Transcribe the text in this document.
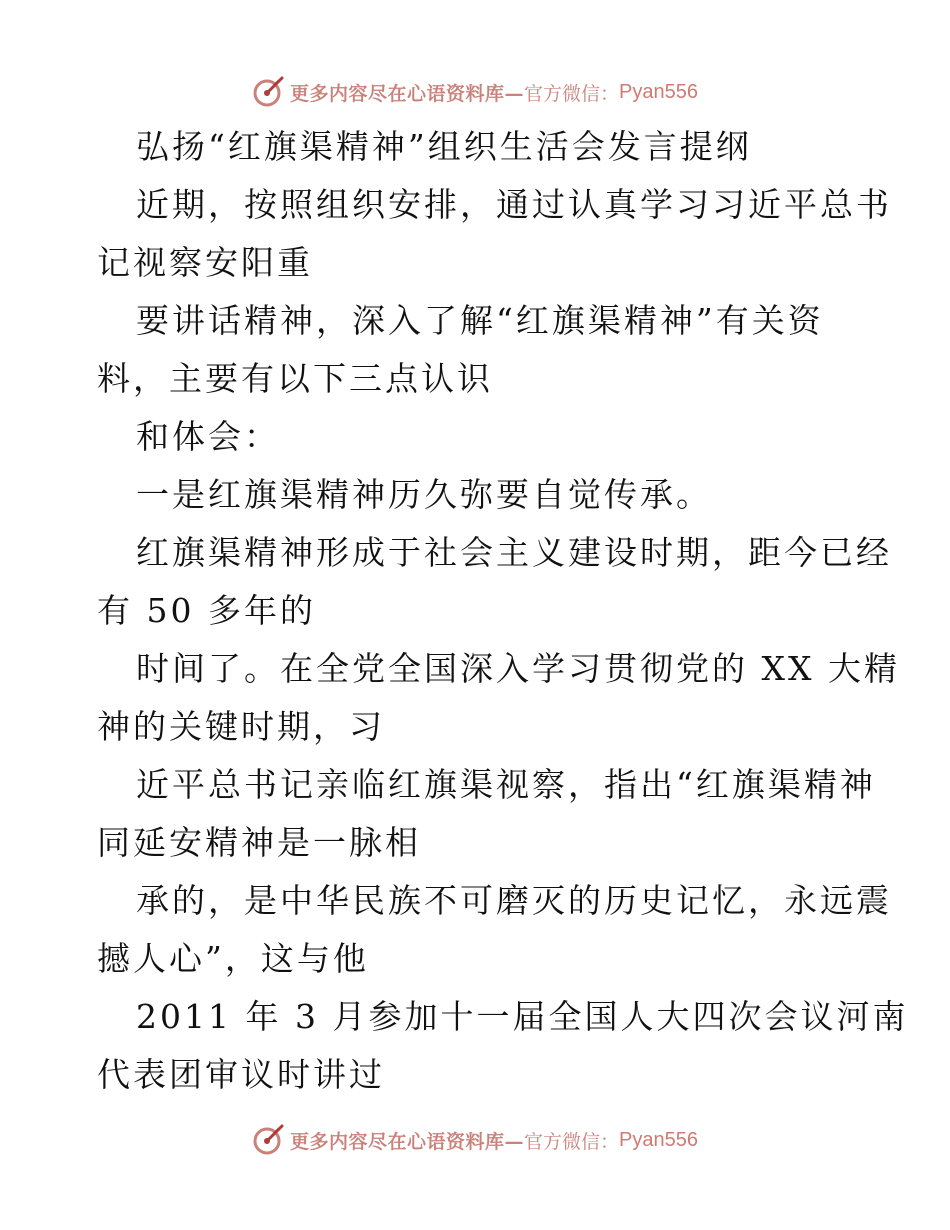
更多内容尽在心语资料库— 官方微信： Pyan556
弘扬“红旗渠精神”组织生活会发言提纲
近期，按照组织安排，通过认真学习习近平总书
记视察安阳重
要讲话精神，深入了解“红旗渠精神”有关资
料，主要有以下三点认识
和体会：
一是红旗渠精神历久弥要自觉传承。
红旗渠精神形成于社会主义建设时期，距今已经
有 50 多年的
时间了。在全党全国深入学习贯彻党的 XX 大精
神的关键时期，习
近平总书记亲临红旗渠视察，指出“红旗渠精神
同延安精神是一脉相
承的，是中华民族不可磨灭的历史记忆，永远震
撼人心”，这与他
2011 年 3 月参加十一届全国人大四次会议河南
代表团审议时讲过
更多内容尽在心语资料库— 官方微信： Pyan556
